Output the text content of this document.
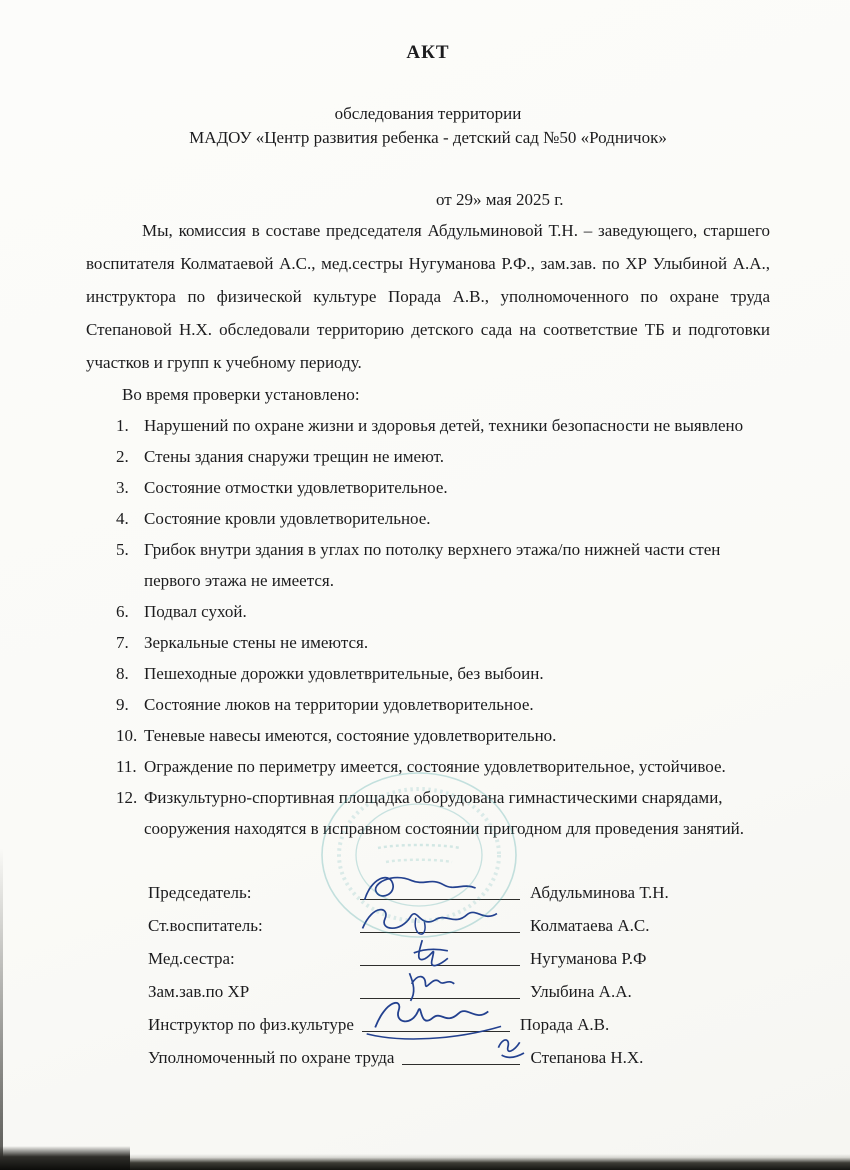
АКТ
обследования территории
МАДОУ «Центр развития ребенка - детский сад №50 «Родничок»
от 29» мая 2025 г.
Мы, комиссия в составе председателя Абдульминовой Т.Н. – заведующего, старшего воспитателя Колматаевой А.С., мед.сестры Нугуманова Р.Ф., зам.зав. по ХР Улыбиной А.А., инструктора по физической культуре Порада А.В., уполномоченного по охране труда Степановой Н.Х. обследовали территорию детского сада на соответствие ТБ и подготовки участков и групп к учебному периоду.
Во время проверки установлено:
1. Нарушений по охране жизни и здоровья детей, техники безопасности не выявлено
2. Стены здания снаружи трещин не имеют.
3. Состояние отмостки удовлетворительное.
4. Состояние кровли удовлетворительное.
5. Грибок внутри здания в углах по потолку верхнего этажа/по нижней части стен первого этажа не имеется.
6. Подвал сухой.
7. Зеркальные стены не имеются.
8. Пешеходные дорожки удовлетврительные, без выбоин.
9. Состояние люков на территории удовлетворительное.
10. Теневые навесы имеются, состояние удовлетворительно.
11. Ограждение по периметру имеется, состояние удовлетворительное, устойчивое.
12. Физкультурно-спортивная площадка оборудована гимнастическими снарядами, сооружения находятся в исправном состоянии пригодном для проведения занятий.
Председатель:	Абдульминова Т.Н.
Ст.воспитатель:	Колматаева А.С.
Мед.сестра:	Нугуманова Р.Ф
Зам.зав.по ХР	Улыбина А.А.
Инструктор по физ.культуре	Порада А.В.
Уполномоченный по охране труда	Степанова Н.Х.
